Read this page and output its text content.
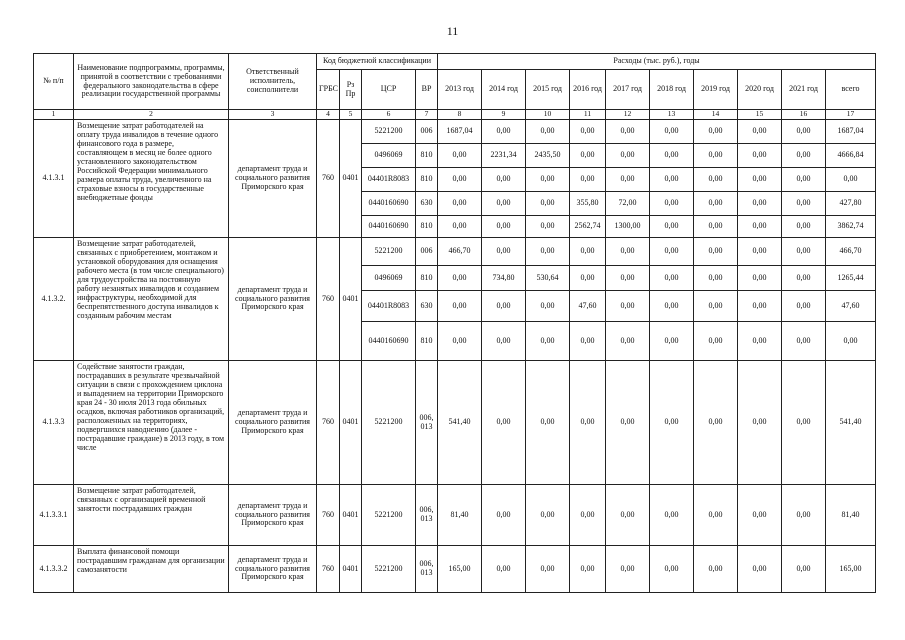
11
№ п/п	Наименование подпрограммы, программы, принятой в соответствии с требованиями федерального законодательства в сфере реализации государственной программы	Ответственный исполнитель, соисполнители	Код бюджетной классификации				Расходы (тыс. руб.), годы									
			ГРБС	Рз Пр	ЦСР	ВР	2013 год	2014 год	2015 год	2016 год	2017 год	2018 год	2019 год	2020 год	2021 год	всего
1	2	3	4	5	6	7	8	9	10	11	12	13	14	15	16	17
4.1.3.1	Возмещение затрат работодателей на оплату труда инвалидов в течение одного финансового года в размере, составляющем в месяц не более одного установленного законодательством Российской Федерации минимального размера оплаты труда, увеличенного на страховые взносы в государственные внебюджетные фонды	департамент труда и социального развития Приморского края	760	0401	5221200	006	1687,04	0,00	0,00	0,00	0,00	0,00	0,00	0,00	0,00	1687,04
					0496069	810	0,00	2231,34	2435,50	0,00	0,00	0,00	0,00	0,00	0,00	4666,84
					04401R8083	810	0,00	0,00	0,00	0,00	0,00	0,00	0,00	0,00	0,00	0,00
					0440160690	630	0,00	0,00	0,00	355,80	72,00	0,00	0,00	0,00	0,00	427,80
					0440160690	810	0,00	0,00	0,00	2562,74	1300,00	0,00	0,00	0,00	0,00	3862,74
4.1.3.2.	Возмещение затрат работодателей, связанных с приобретением, монтажом и установкой оборудования для оснащения рабочего места (в том числе специального) для трудоустройства на постоянную работу незанятых инвалидов и созданием инфраструктуры, необходимой для беспрепятственного доступа инвалидов к созданным рабочим местам	департамент труда и социального развития Приморского края	760	0401	5221200	006	466,70	0,00	0,00	0,00	0,00	0,00	0,00	0,00	0,00	466,70
					0496069	810	0,00	734,80	530,64	0,00	0,00	0,00	0,00	0,00	0,00	1265,44
					04401R8083	630	0,00	0,00	0,00	47,60	0,00	0,00	0,00	0,00	0,00	47,60
					0440160690	810	0,00	0,00	0,00	0,00	0,00	0,00	0,00	0,00	0,00	0,00
4.1.3.3	Содействие занятости граждан, пострадавших в результате чрезвычайной ситуации в связи с прохождением циклона и выпадением на территории Приморского края 24 - 30 июля 2013 года обильных осадков, включая работников организаций, расположенных на территориях, подвергшихся наводнению (далее - пострадавшие граждане) в 2013 году, в том числе	департамент труда и социального развития Приморского края	760	0401	5221200	006, 013	541,40	0,00	0,00	0,00	0,00	0,00	0,00	0,00	0,00	541,40
4.1.3.3.1	Возмещение затрат работодателей, связанных с организацией временной занятости пострадавших граждан	департамент труда и социального развития Приморского края	760	0401	5221200	006, 013	81,40	0,00	0,00	0,00	0,00	0,00	0,00	0,00	0,00	81,40
4.1.3.3.2	Выплата финансовой помощи пострадавшим гражданам для организации самозанятости	департамент труда и социального развития Приморского края	760	0401	5221200	006, 013	165,00	0,00	0,00	0,00	0,00	0,00	0,00	0,00	0,00	165,00
